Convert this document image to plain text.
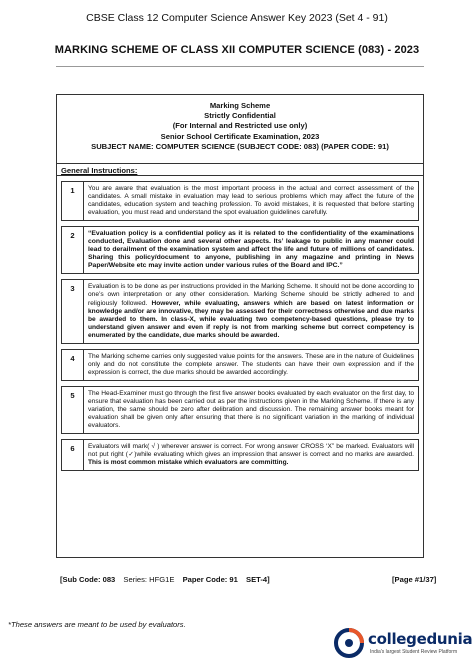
CBSE Class 12 Computer Science Answer Key 2023 (Set 4 - 91)
MARKING SCHEME OF CLASS XII COMPUTER SCIENCE (083) - 2023
Marking Scheme
Strictly Confidential
(For Internal and Restricted use only)
Senior School Certificate Examination, 2023
SUBJECT NAME: COMPUTER SCIENCE (SUBJECT CODE: 083) (PAPER CODE: 91)
General Instructions:
1	You are aware that evaluation is the most important process in the actual and correct assessment of the candidates. A small mistake in evaluation may lead to serious problems which may affect the future of the candidates, education system and teaching profession. To avoid mistakes, it is requested that before starting evaluation, you must read and understand the spot evaluation guidelines carefully.
2	“Evaluation policy is a confidential policy as it is related to the confidentiality of the examinations conducted, Evaluation done and several other aspects. Its’ leakage to public in any manner could lead to derailment of the examination system and affect the life and future of millions of candidates. Sharing this policy/document to anyone, publishing in any magazine and printing in News Paper/Website etc may invite action under various rules of the Board and IPC.”
3	Evaluation is to be done as per instructions provided in the Marking Scheme. It should not be done according to one’s own interpretation or any other consideration. Marking Scheme should be strictly adhered to and religiously followed. However, while evaluating, answers which are based on latest information or knowledge and/or are innovative, they may be assessed for their correctness otherwise and due marks be awarded to them. In class-X, while evaluating two competency-based questions, please try to understand given answer and even if reply is not from marking scheme but correct competency is enumerated by the candidate, due marks should be awarded.
4	The Marking scheme carries only suggested value points for the answers. These are in the nature of Guidelines only and do not constitute the complete answer. The students can have their own expression and if the expression is correct, the due marks should be awarded accordingly.
5	The Head-Examiner must go through the first five answer books evaluated by each evaluator on the first day, to ensure that evaluation has been carried out as per the instructions given in the Marking Scheme. If there is any variation, the same should be zero after delibration and discussion. The remaining answer books meant for evaluation shall be given only after ensuring that there is no significant variation in the marking of individual evaluators.
6	Evaluators will mark( √ ) wherever answer is correct. For wrong answer CROSS ‘X” be marked. Evaluators will not put right (✓)while evaluating which gives an impression that answer is correct and no marks are awarded. This is most common mistake which evaluators are committing.
[Sub Code: 083 Series: HFG1E Paper Code: 91 SET-4]	[Page #1/37]
*These answers are meant to be used by evaluators.
collegedunia
India's largest Student Review Platform
